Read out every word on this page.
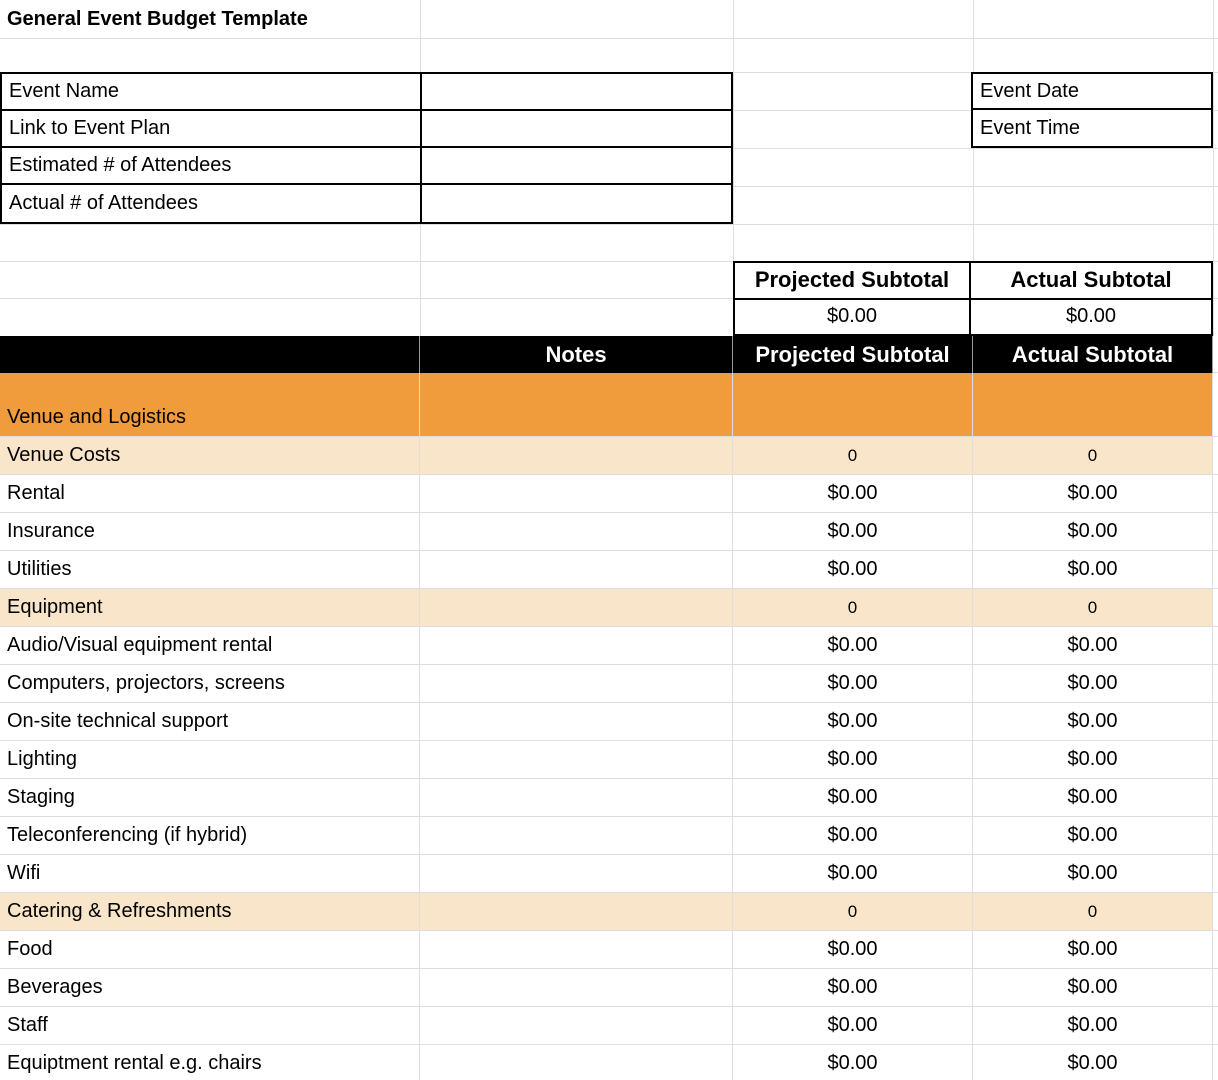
General Event Budget Template
Event Name
Link to Event Plan
Estimated # of Attendees
Actual # of Attendees
Event Date
Event Time
Projected Subtotal	Actual Subtotal
$0.00	$0.00
Notes	Projected Subtotal	Actual Subtotal
Venue and Logistics
Venue Costs	0	0
Rental	$0.00	$0.00
Insurance	$0.00	$0.00
Utilities	$0.00	$0.00
Equipment	0	0
Audio/Visual equipment rental	$0.00	$0.00
Computers, projectors, screens	$0.00	$0.00
On-site technical support	$0.00	$0.00
Lighting	$0.00	$0.00
Staging	$0.00	$0.00
Teleconferencing (if hybrid)	$0.00	$0.00
Wifi	$0.00	$0.00
Catering & Refreshments	0	0
Food	$0.00	$0.00
Beverages	$0.00	$0.00
Staff	$0.00	$0.00
Equiptment rental e.g. chairs	$0.00	$0.00
